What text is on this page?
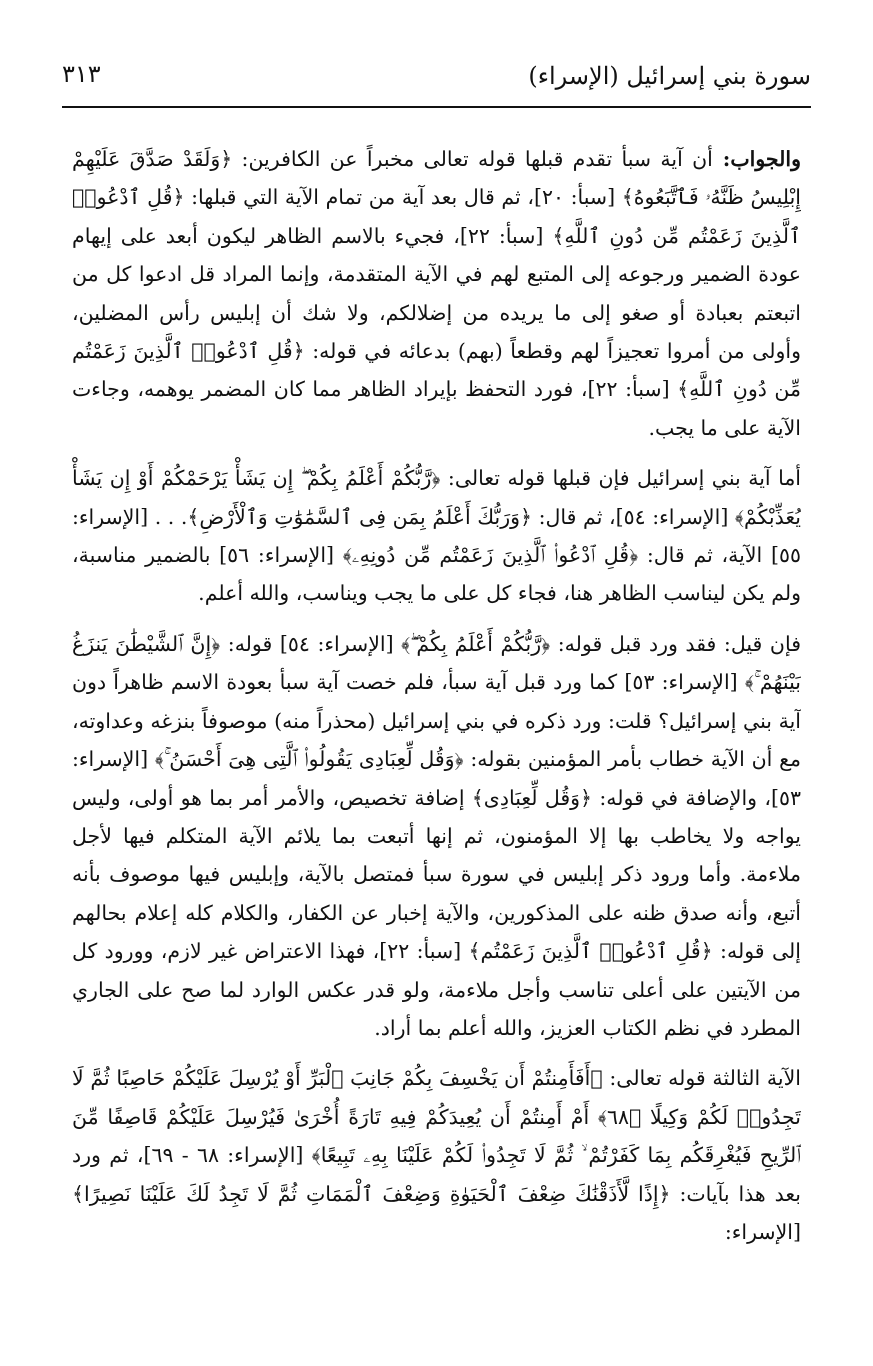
سورة بني إسرائيل (الإسراء)
٣١٣

والجواب: أن آية سبأ تقدم قبلها قوله تعالى مخبراً عن الكافرين: ﴿وَلَقَدْ صَدَّقَ عَلَيْهِمْ إِبْلِيسُ ظَنَّهُۥ فَٱتَّبَعُوهُ﴾ [سبأ: ٢٠]، ثم قال بعد آية من تمام الآية التي قبلها: ﴿قُلِ ٱدْعُوا۟ ٱلَّذِينَ زَعَمْتُم مِّن دُونِ ٱللَّهِ﴾ [سبأ: ٢٢]، فجيء بالاسم الظاهر ليكون أبعد على إيهام عودة الضمير ورجوعه إلى المتبع لهم في الآية المتقدمة، وإنما المراد قل ادعوا كل من اتبعتم بعبادة أو صغو إلى ما يريده من إضلالكم، ولا شك أن إبليس رأس المضلين، وأولى من أمروا تعجيزاً لهم وقطعاً (بهم) بدعائه في قوله: ﴿قُلِ ٱدْعُوا۟ ٱلَّذِينَ زَعَمْتُم مِّن دُونِ ٱللَّهِ﴾ [سبأ: ٢٢]، فورد التحفظ بإيراد الظاهر مما كان المضمر يوهمه، وجاءت الآية على ما يجب.

أما آية بني إسرائيل فإن قبلها قوله تعالى: ﴿رَّبُّكُمْ أَعْلَمُ بِكُمْ ۖ إِن يَشَأْ يَرْحَمْكُمْ أَوْ إِن يَشَأْ يُعَذِّبْكُمْ﴾ [الإسراء: ٥٤]، ثم قال: ﴿وَرَبُّكَ أَعْلَمُ بِمَن فِى ٱلسَّمَٰوَٰتِ وَٱلْأَرْضِ﴾. . . [الإسراء: ٥٥] الآية، ثم قال: ﴿قُلِ ٱدْعُوا۟ ٱلَّذِينَ زَعَمْتُم مِّن دُونِهِۦ﴾ [الإسراء: ٥٦] بالضمير مناسبة، ولم يكن ليناسب الظاهر هنا، فجاء كل على ما يجب ويناسب، والله أعلم.

فإن قيل: فقد ورد قبل قوله: ﴿رَّبُّكُمْ أَعْلَمُ بِكُمْ ۖ﴾ [الإسراء: ٥٤] قوله: ﴿إِنَّ ٱلشَّيْطَٰنَ يَنزَغُ بَيْنَهُمْ ۚ﴾ [الإسراء: ٥٣] كما ورد قبل آية سبأ، فلم خصت آية سبأ بعودة الاسم ظاهراً دون آية بني إسرائيل؟ قلت: ورد ذكره في بني إسرائيل (محذراً منه) موصوفاً بنزغه وعداوته، مع أن الآية خطاب بأمر المؤمنين بقوله: ﴿وَقُل لِّعِبَادِى يَقُولُوا۟ ٱلَّتِى هِىَ أَحْسَنُ ۚ﴾ [الإسراء: ٥٣]، والإضافة في قوله: ﴿وَقُل لِّعِبَادِى﴾ إضافة تخصيص، والأمر أمر بما هو أولى، وليس يواجه ولا يخاطب بها إلا المؤمنون، ثم إنها أتبعت بما يلائم الآية المتكلم فيها لأجل ملاءمة. وأما ورود ذكر إبليس في سورة سبأ فمتصل بالآية، وإبليس فيها موصوف بأنه أتبع، وأنه صدق ظنه على المذكورين، والآية إخبار عن الكفار، والكلام كله إعلام بحالهم إلى قوله: ﴿قُلِ ٱدْعُوا۟ ٱلَّذِينَ زَعَمْتُم﴾ [سبأ: ٢٢]، فهذا الاعتراض غير لازم، وورود كل من الآيتين على أعلى تناسب وأجل ملاءمة، ولو قدر عكس الوارد لما صح على الجاري المطرد في نظم الكتاب العزيز، والله أعلم بما أراد.

الآية الثالثة قوله تعالى: ﴿أَفَأَمِنتُمْ أَن يَخْسِفَ بِكُمْ جَانِبَ ٱلْبَرِّ أَوْ يُرْسِلَ عَلَيْكُمْ حَاصِبًا ثُمَّ لَا تَجِدُوا۟ لَكُمْ وَكِيلًا ﴿٦٨﴾ أَمْ أَمِنتُمْ أَن يُعِيدَكُمْ فِيهِ تَارَةً أُخْرَىٰ فَيُرْسِلَ عَلَيْكُمْ قَاصِفًا مِّنَ ٱلرِّيحِ فَيُغْرِقَكُم بِمَا كَفَرْتُمْ ۙ ثُمَّ لَا تَجِدُوا۟ لَكُمْ عَلَيْنَا بِهِۦ تَبِيعًا﴾ [الإسراء: ٦٨ - ٦٩]، ثم ورد بعد هذا بآيات: ﴿إِذًا لَّأَذَقْنَٰكَ ضِعْفَ ٱلْحَيَوٰةِ وَضِعْفَ ٱلْمَمَاتِ ثُمَّ لَا تَجِدُ لَكَ عَلَيْنَا نَصِيرًا﴾ [الإسراء:
